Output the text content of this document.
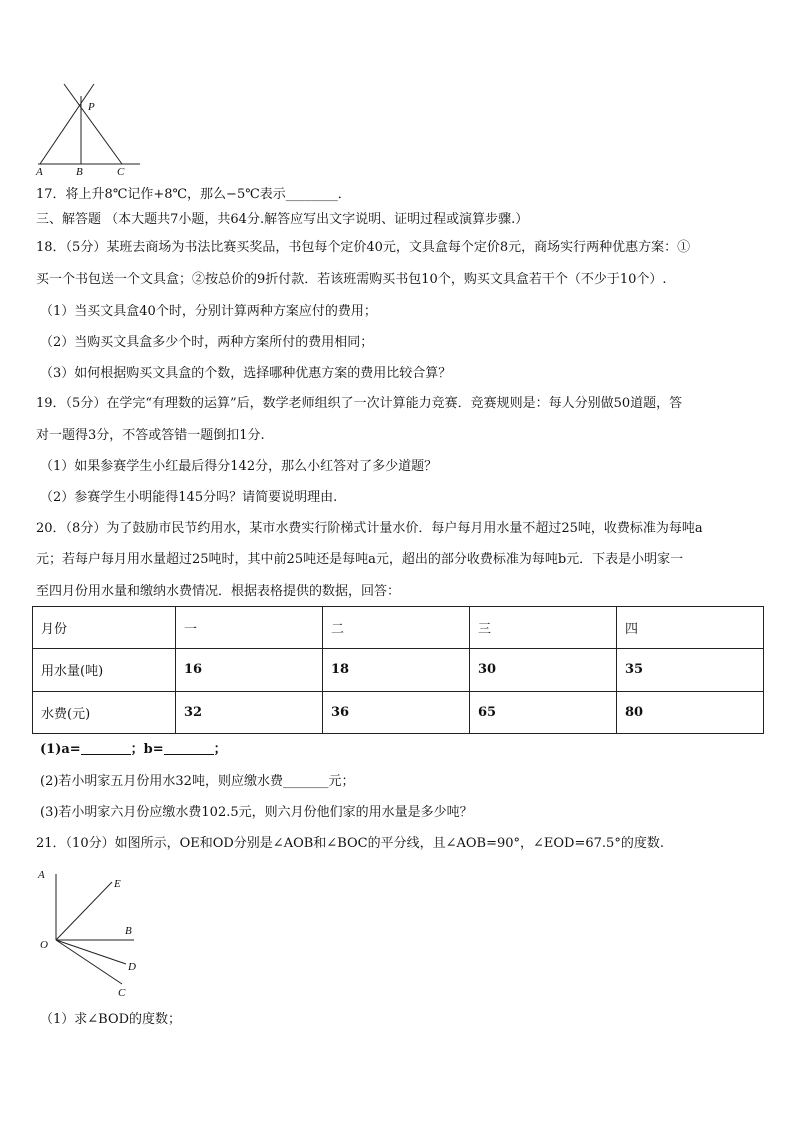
P
A	B	C
17．将上升8℃记作+8℃，那么−5℃表示________．
三、解答题 （本大题共7小题，共64分.解答应写出文字说明、证明过程或演算步骤.）
18．（5分）某班去商场为书法比赛买奖品，书包每个定价40元，文具盒每个定价8元，商场实行两种优惠方案：①
买一个书包送一个文具盒；②按总价的9折付款．若该班需购买书包10个，购买文具盒若干个（不少于10个）.
（1）当买文具盒40个时，分别计算两种方案应付的费用；
（2）当购买文具盒多少个时，两种方案所付的费用相同；
（3）如何根据购买文具盒的个数，选择哪种优惠方案的费用比较合算？
19．（5分）在学完“有理数的运算”后，数学老师组织了一次计算能力竞赛．竞赛规则是：每人分别做50道题，答
对一题得3分，不答或答错一题倒扣1分.
（1）如果参赛学生小红最后得分142分，那么小红答对了多少道题？
（2）参赛学生小明能得145分吗？请简要说明理由.
20．（8分）为了鼓励市民节约用水，某市水费实行阶梯式计量水价．每户每月用水量不超过25吨，收费标准为每吨a
元；若每户每月用水量超过25吨时，其中前25吨还是每吨a元，超出的部分收费标准为每吨b元．下表是小明家一
至四月份用水量和缴纳水费情况．根据表格提供的数据，回答：
月份	一	二	三	四
用水量(吨)	16	18	30	35
水费(元)	32	36	65	80
(1)a=	；b=	；
(2)若小明家五月份用水32吨，则应缴水费_______元；
(3)若小明家六月份应缴水费102.5元，则六月份他们家的用水量是多少吨？
21．（10分）如图所示，OE和OD分别是∠AOB和∠BOC的平分线，且∠AOB=90°，∠EOD=67.5°的度数.
A
E
B
O
D
C
（1）求∠BOD的度数；
